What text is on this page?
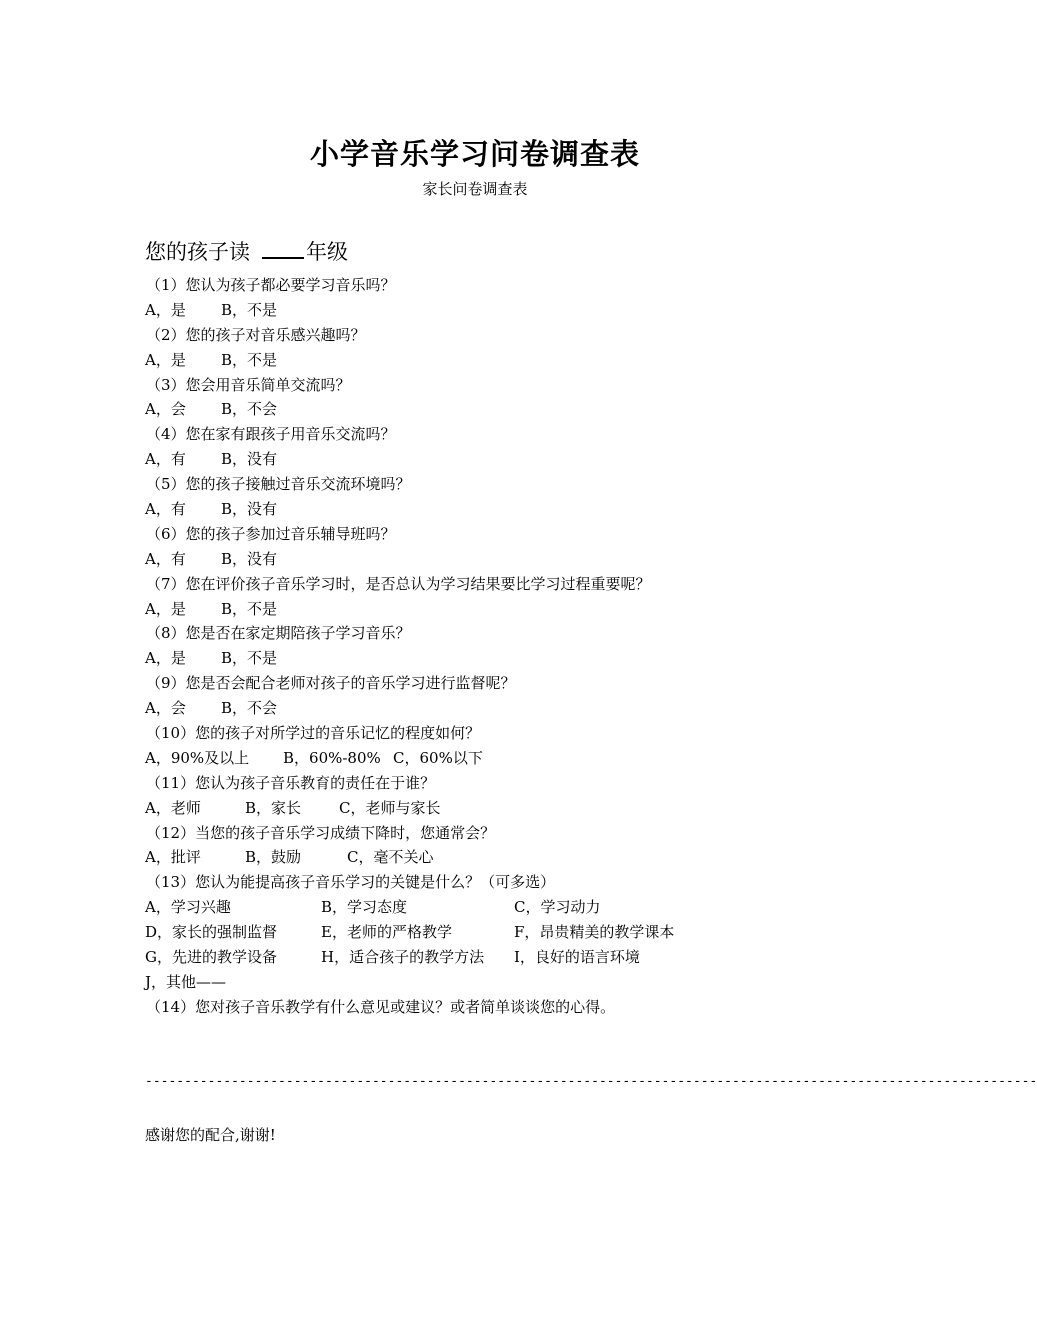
小学音乐学习问卷调查表
家长问卷调查表
您的孩子读	年级
（1）您认为孩子都必要学习音乐吗？
A，是 B，不是
（2）您的孩子对音乐感兴趣吗？
A，是 B，不是
（3）您会用音乐简单交流吗？
A，会 B，不会
（4）您在家有跟孩子用音乐交流吗？
A，有 B，没有
（5）您的孩子接触过音乐交流环境吗？
A，有 B，没有
（6）您的孩子参加过音乐辅导班吗？
A，有 B，没有
（7）您在评价孩子音乐学习时，是否总认为学习结果要比学习过程重要呢？
A，是 B，不是
（8）您是否在家定期陪孩子学习音乐？
A，是 B，不是
（9）您是否会配合老师对孩子的音乐学习进行监督呢？
A，会 B，不会
（10）您的孩子对所学过的音乐记忆的程度如何？
A，90%及以上 B，60%-80% C，60%以下
（11）您认为孩子音乐教育的责任在于谁？
A，老师	B，家长	C，老师与家长
（12）当您的孩子音乐学习成绩下降时，您通常会？
A，批评	B，鼓励	C，毫不关心
（13）您认为能提高孩子音乐学习的关键是什么？（可多选）
A，学习兴趣	B，学习态度	C，学习动力
D，家长的强制监督	E，老师的严格教学	F，昂贵精美的教学课本
G，先进的教学设备	H，适合孩子的教学方法 I，良好的语言环境
J，其他——
（14）您对孩子音乐教学有什么意见或建议？或者简单谈谈您的心得。
------------------------------------------------------------------------------------------------------------------
感谢您的配合,谢谢!
